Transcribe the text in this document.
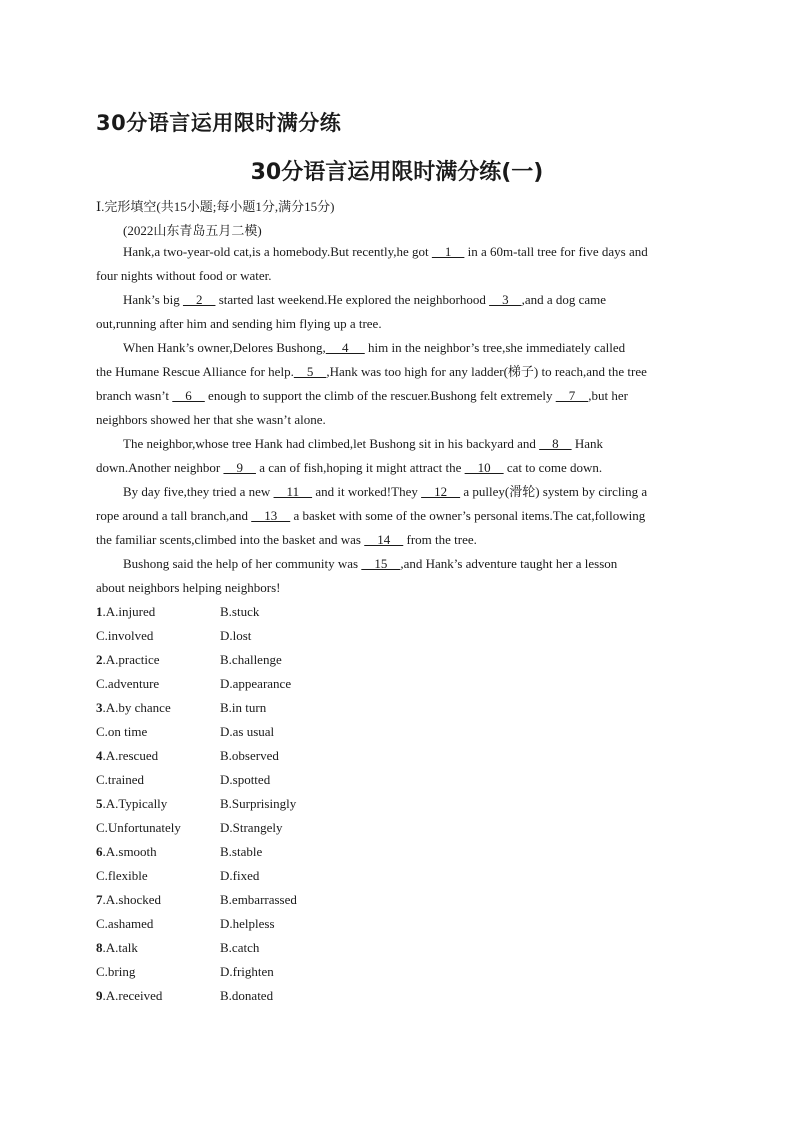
30分语言运用限时满分练
30分语言运用限时满分练(一)
Ⅰ.完形填空(共15小题;每小题1分,满分15分)
(2022山东青岛五月二模)
Hank,a two-year-old cat,is a homebody.But recently,he got     1     in a 60m-tall tree for five days and
four nights without food or water.
Hank’s big     2     started last weekend.He explored the neighborhood     3    ,and a dog came
out,running after him and sending him flying up a tree.
When Hank’s owner,Delores Bushong,     4      him in the neighbor’s tree,she immediately called
the Humane Rescue Alliance for help.    5    ,Hank was too high for any ladder(梯子) to reach,and the tree
branch wasn’t     6     enough to support the climb of the rescuer.Bushong felt extremely     7    ,but her
neighbors showed her that she wasn’t alone.
The neighbor,whose tree Hank had climbed,let Bushong sit in his backyard and     8     Hank
down.Another neighbor     9     a can of fish,hoping it might attract the     10     cat to come down.
By day five,they tried a new     11     and it worked!They     12     a pulley(滑轮) system by circling a
rope around a tall branch,and     13     a basket with some of the owner’s personal items.The cat,following
the familiar scents,climbed into the basket and was     14     from the tree.
Bushong said the help of her community was     15    ,and Hank’s adventure taught her a lesson
about neighbors helping neighbors!
1.A.injured	B.stuck
C.involved	D.lost
2.A.practice	B.challenge
C.adventure	D.appearance
3.A.by chance	B.in turn
C.on time	D.as usual
4.A.rescued	B.observed
C.trained	D.spotted
5.A.Typically	B.Surprisingly
C.Unfortunately	D.Strangely
6.A.smooth	B.stable
C.flexible	D.fixed
7.A.shocked	B.embarrassed
C.ashamed	D.helpless
8.A.talk	B.catch
C.bring	D.frighten
9.A.received	B.donated
